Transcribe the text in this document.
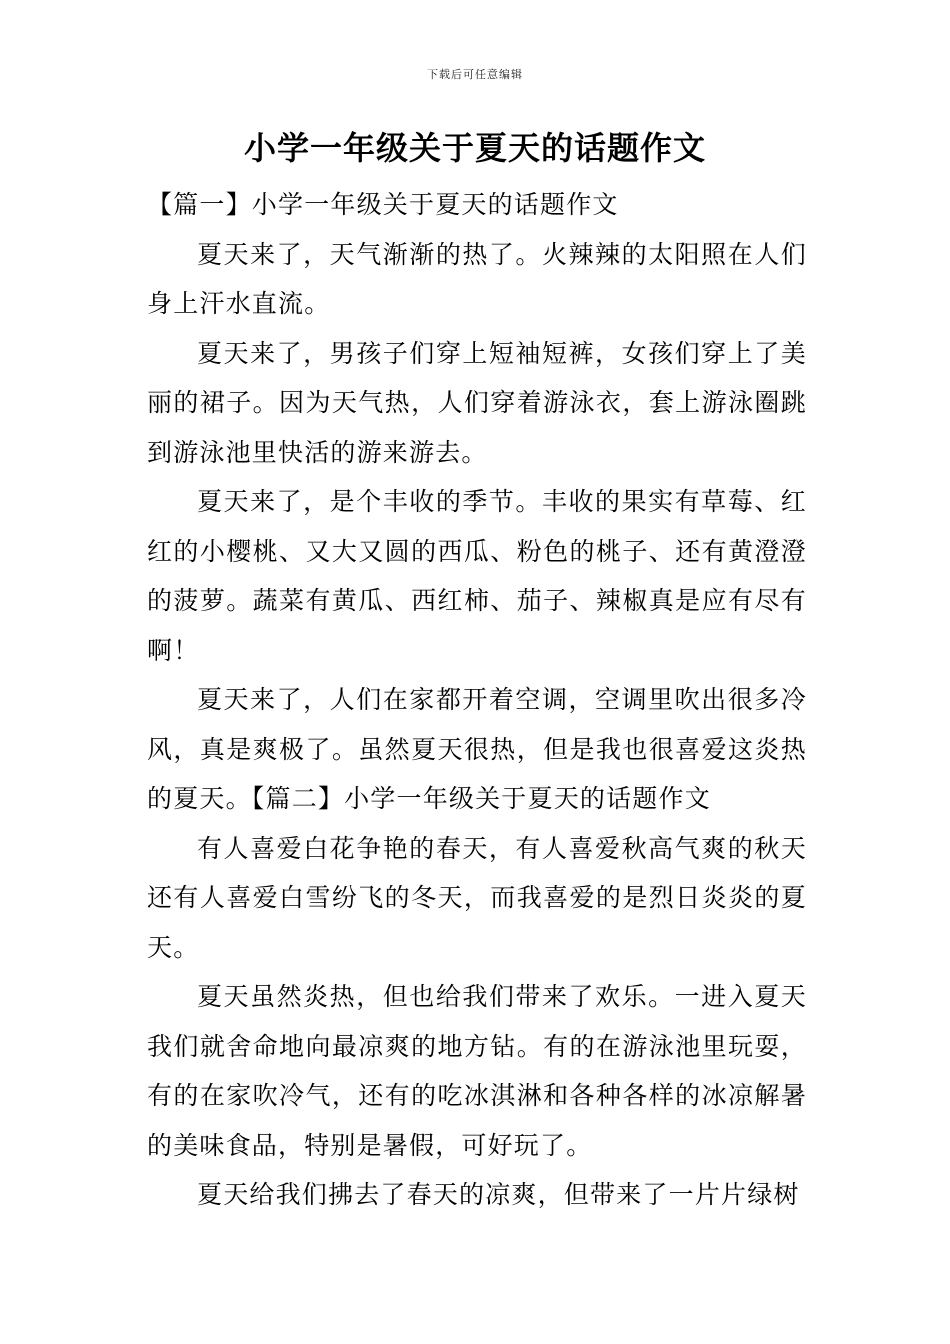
下载后可任意编辑
小学一年级关于夏天的话题作文

【篇一】小学一年级关于夏天的话题作文

夏天来了，天气渐渐的热了。火辣辣的太阳照在人们身上汗水直流。

夏天来了，男孩子们穿上短袖短裤，女孩们穿上了美丽的裙子。因为天气热，人们穿着游泳衣，套上游泳圈跳到游泳池里快活的游来游去。

夏天来了，是个丰收的季节。丰收的果实有草莓、红红的小樱桃、又大又圆的西瓜、粉色的桃子、还有黄澄澄的菠萝。蔬菜有黄瓜、西红柿、茄子、辣椒真是应有尽有啊！

夏天来了，人们在家都开着空调，空调里吹出很多冷风，真是爽极了。虽然夏天很热，但是我也很喜爱这炎热的夏天。【篇二】小学一年级关于夏天的话题作文

有人喜爱白花争艳的春天，有人喜爱秋高气爽的秋天还有人喜爱白雪纷飞的冬天，而我喜爱的是烈日炎炎的夏天。

夏天虽然炎热，但也给我们带来了欢乐。一进入夏天我们就舍命地向最凉爽的地方钻。有的在游泳池里玩耍，有的在家吹冷气，还有的吃冰淇淋和各种各样的冰凉解暑的美味食品，特别是暑假，可好玩了。

夏天给我们拂去了春天的凉爽，但带来了一片片绿树
